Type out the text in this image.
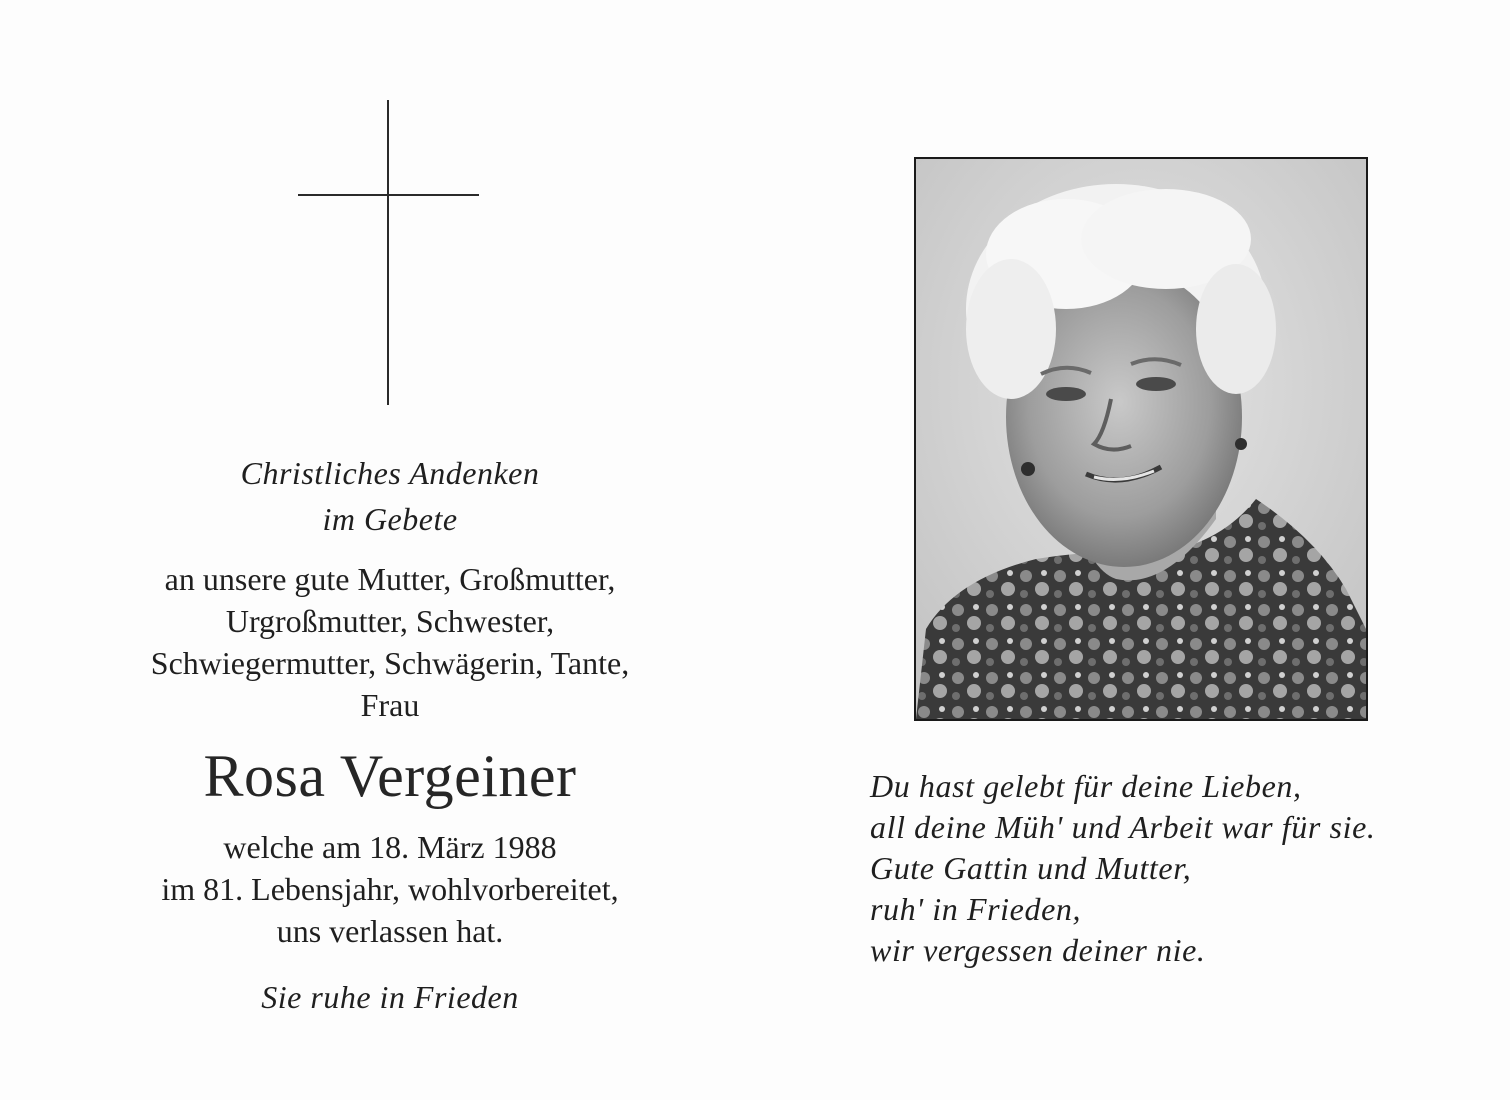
Christliches Andenken
im Gebete
an unsere gute Mutter, Großmutter,
Urgroßmutter, Schwester,
Schwiegermutter, Schwägerin, Tante,
Frau
Rosa Vergeiner
welche am 18. März 1988
im 81. Lebensjahr, wohlvorbereitet,
uns verlassen hat.
Sie ruhe in Frieden
Du hast gelebt für deine Lieben,
all deine Müh' und Arbeit war für sie.
Gute Gattin und Mutter,
ruh' in Frieden,
wir vergessen deiner nie.
